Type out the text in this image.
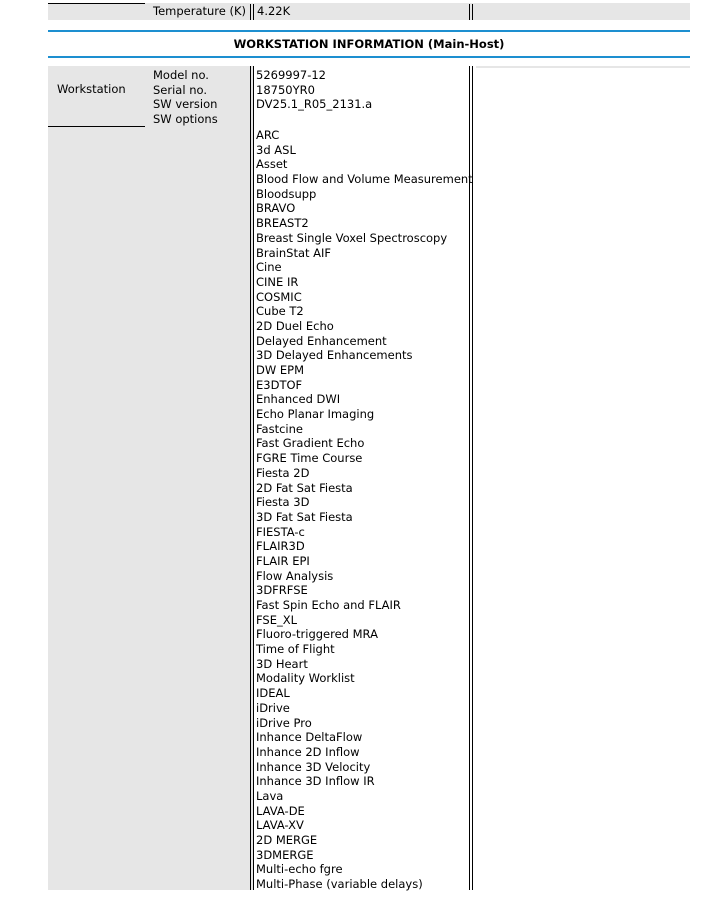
Temperature (K) 4.22K
WORKSTATION INFORMATION (Main-Host)
Workstation
Model no.
Serial no.
SW version
SW options
5269997-12
18750YR0
DV25.1_R05_2131.a
ARC
3d ASL
Asset
Blood Flow and Volume Measurement
Bloodsupp
BRAVO
BREAST2
Breast Single Voxel Spectroscopy
BrainStat AIF
Cine
CINE IR
COSMIC
Cube T2
2D Duel Echo
Delayed Enhancement
3D Delayed Enhancements
DW EPM
E3DTOF
Enhanced DWI
Echo Planar Imaging
Fastcine
Fast Gradient Echo
FGRE Time Course
Fiesta 2D
2D Fat Sat Fiesta
Fiesta 3D
3D Fat Sat Fiesta
FIESTA-c
FLAIR3D
FLAIR EPI
Flow Analysis
3DFRFSE
Fast Spin Echo and FLAIR
FSE_XL
Fluoro-triggered MRA
Time of Flight
3D Heart
Modality Worklist
IDEAL
iDrive
iDrive Pro
Inhance DeltaFlow
Inhance 2D Inflow
Inhance 3D Velocity
Inhance 3D Inflow IR
Lava
LAVA-DE
LAVA-XV
2D MERGE
3DMERGE
Multi-echo fgre
Multi-Phase (variable delays)
